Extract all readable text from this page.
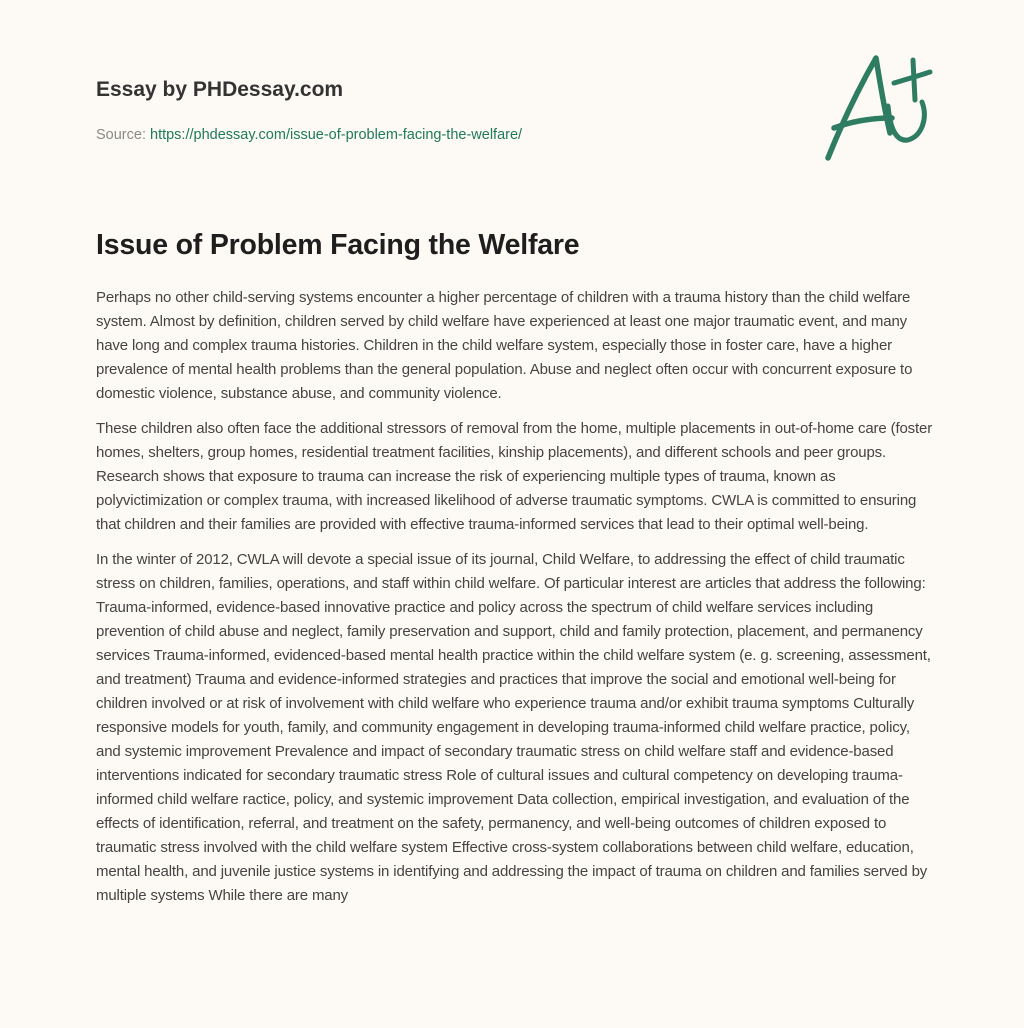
Essay by PHDessay.com
Source: https://phdessay.com/issue-of-problem-facing-the-welfare/
Issue of Problem Facing the Welfare

Perhaps no other child-serving systems encounter a higher percentage of children with a trauma history than the child welfare system. Almost by definition, children served by child welfare have experienced at least one major traumatic event, and many have long and complex trauma histories. Children in the child welfare system, especially those in foster care, have a higher prevalence of mental health problems than the general population. Abuse and neglect often occur with concurrent exposure to domestic violence, substance abuse, and community violence.

These children also often face the additional stressors of removal from the home, multiple placements in out-of-home care (foster homes, shelters, group homes, residential treatment facilities, kinship placements), and different schools and peer groups. Research shows that exposure to trauma can increase the risk of experiencing multiple types of trauma, known as polyvictimization or complex trauma, with increased likelihood of adverse traumatic symptoms. CWLA is committed to ensuring that children and their families are provided with effective trauma-informed services that lead to their optimal well-being.

In the winter of 2012, CWLA will devote a special issue of its journal, Child Welfare, to addressing the effect of child traumatic stress on children, families, operations, and staff within child welfare. Of particular interest are articles that address the following: Trauma-informed, evidence-based innovative practice and policy across the spectrum of child welfare services including prevention of child abuse and neglect, family preservation and support, child and family protection, placement, and permanency services Trauma-informed, evidenced-based mental health practice within the child welfare system (e. g. screening, assessment, and treatment) Trauma and evidence-informed strategies and practices that improve the social and emotional well-being for children involved or at risk of involvement with child welfare who experience trauma and/or exhibit trauma symptoms Culturally responsive models for youth, family, and community engagement in developing trauma-informed child welfare practice, policy, and systemic improvement Prevalence and impact of secondary traumatic stress on child welfare staff and evidence-based interventions indicated for secondary traumatic stress Role of cultural issues and cultural competency on developing trauma-informed child welfare ractice, policy, and systemic improvement Data collection, empirical investigation, and evaluation of the effects of identification, referral, and treatment on the safety, permanency, and well-being outcomes of children exposed to traumatic stress involved with the child welfare system Effective cross-system collaborations between child welfare, education, mental health, and juvenile justice systems in identifying and addressing the impact of trauma on children and families served by multiple systems While there are many
